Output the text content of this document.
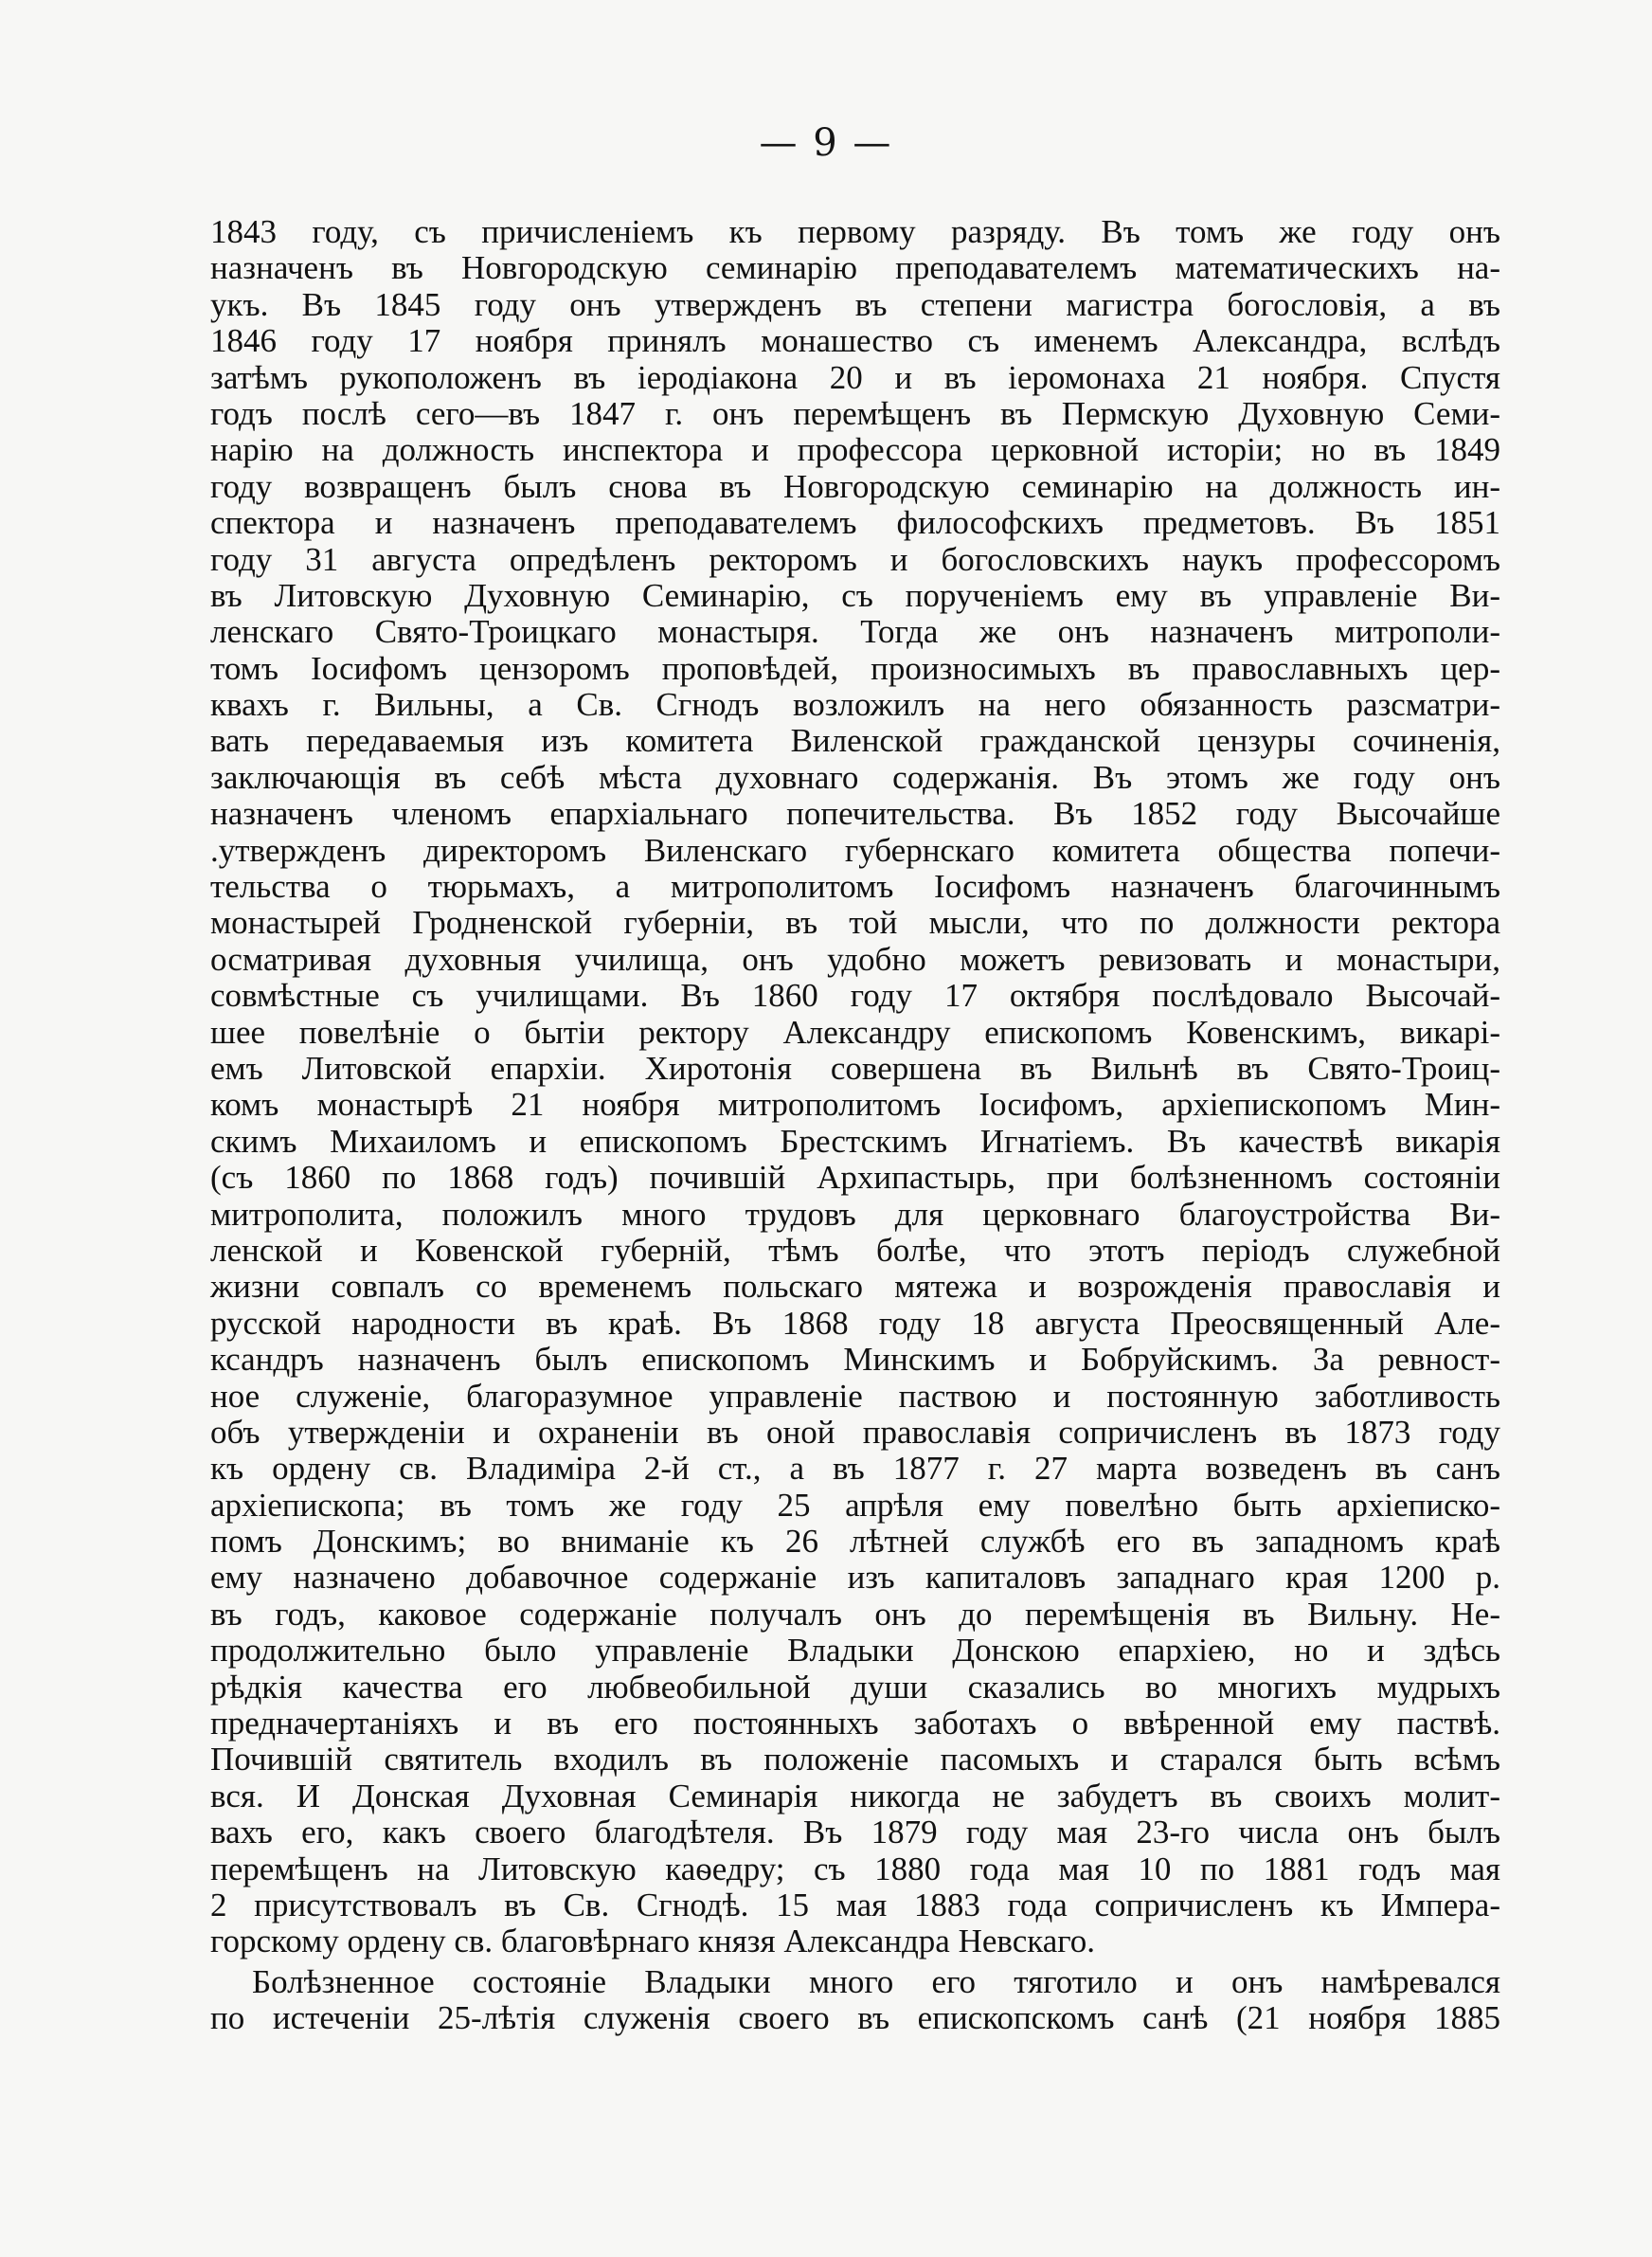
— 9 —
1843 году, съ причисленіемъ къ первому разряду. Въ томъ же году онъ
назначенъ въ Новгородскую семинарію преподавателемъ математическихъ на-
укъ. Въ 1845 году онъ утвержденъ въ степени магистра богословія, а въ
1846 году 17 ноября принялъ монашество съ именемъ Александра, вслѣдъ
затѣмъ рукоположенъ въ іеродіакона 20 и въ іеромонаха 21 ноября. Спустя
годъ послѣ сего—въ 1847 г. онъ перемѣщенъ въ Пермскую Духовную Семи-
нарію на должность инспектора и профессора церковной исторіи; но въ 1849
году возвращенъ былъ снова въ Новгородскую семинарію на должность ин-
спектора и назначенъ преподавателемъ философскихъ предметовъ. Въ 1851
году 31 августа опредѣленъ ректоромъ и богословскихъ наукъ профессоромъ
въ Литовскую Духовную Семинарію, съ порученіемъ ему въ управленіе Ви-
ленскаго Свято-Троицкаго монастыря. Тогда же онъ назначенъ митрополи-
томъ Іосифомъ цензоромъ проповѣдей, произносимыхъ въ православныхъ цер-
квахъ г. Вильны, а Св. Сгнодъ возложилъ на него обязанность разсматри-
вать передаваемыя изъ комитета Виленской гражданской цензуры сочиненія,
заключающія въ себѣ мѣста духовнаго содержанія. Въ этомъ же году онъ
назначенъ членомъ епархіальнаго попечительства. Въ 1852 году Высочайше
.утвержденъ директоромъ Виленскаго губернскаго комитета общества попечи-
тельства о тюрьмахъ, а митрополитомъ Іосифомъ назначенъ благочиннымъ
монастырей Гродненской губерніи, въ той мысли, что по должности ректора
осматривая духовныя училища, онъ удобно можетъ ревизовать и монастыри,
совмѣстные съ училищами. Въ 1860 году 17 октября послѣдовало Высочай-
шее повелѣніе о бытіи ректору Александру епископомъ Ковенскимъ, викарі-
емъ Литовской епархіи. Хиротонія совершена въ Вильнѣ въ Свято-Троиц-
комъ монастырѣ 21 ноября митрополитомъ Іосифомъ, архіепископомъ Мин-
скимъ Михаиломъ и епископомъ Брестскимъ Игнатіемъ. Въ качествѣ викарія
(съ 1860 по 1868 годъ) почившій Архипастырь, при болѣзненномъ состояніи
митрополита, положилъ много трудовъ для церковнаго благоустройства Ви-
ленской и Ковенской губерній, тѣмъ болѣе, что этотъ періодъ служебной
жизни совпалъ со временемъ польскаго мятежа и возрожденія православія и
русской народности въ краѣ. Въ 1868 году 18 августа Преосвященный Але-
ксандръ назначенъ былъ епископомъ Минскимъ и Бобруйскимъ. За ревност-
ное служеніе, благоразумное управленіе паствою и постоянную заботливость
объ утвержденіи и охраненіи въ оной православія сопричисленъ въ 1873 году
къ ордену св. Владиміра 2-й ст., а въ 1877 г. 27 марта возведенъ въ санъ
архіепископа; въ томъ же году 25 апрѣля ему повелѣно быть архіеписко-
помъ Донскимъ; во вниманіе къ 26 лѣтней службѣ его въ западномъ краѣ
ему назначено добавочное содержаніе изъ капиталовъ западнаго края 1200 р.
въ годъ, каковое содержаніе получалъ онъ до перемѣщенія въ Вильну. Не-
продолжительно было управленіе Владыки Донскою епархіею, но и здѣсь
рѣдкія качества его любвеобильной души сказались во многихъ мудрыхъ
предначертаніяхъ и въ его постоянныхъ заботахъ о ввѣренной ему паствѣ.
Почившій святитель входилъ въ положеніе пасомыхъ и старался быть всѣмъ
вся. И Донская Духовная Семинарія никогда не забудетъ въ своихъ молит-
вахъ его, какъ своего благодѣтеля. Въ 1879 году мая 23-го числа онъ былъ
перемѣщенъ на Литовскую каѳедру; съ 1880 года мая 10 по 1881 годъ мая
2 присутствовалъ въ Св. Сгнодѣ. 15 мая 1883 года сопричисленъ къ Импера-
горскому ордену св. благовѣрнаго князя Александра Невскаго.
Болѣзненное состояніе Владыки много его тяготило и онъ намѣревался
по истеченіи 25-лѣтія служенія своего въ епископскомъ санѣ (21 ноября 1885
